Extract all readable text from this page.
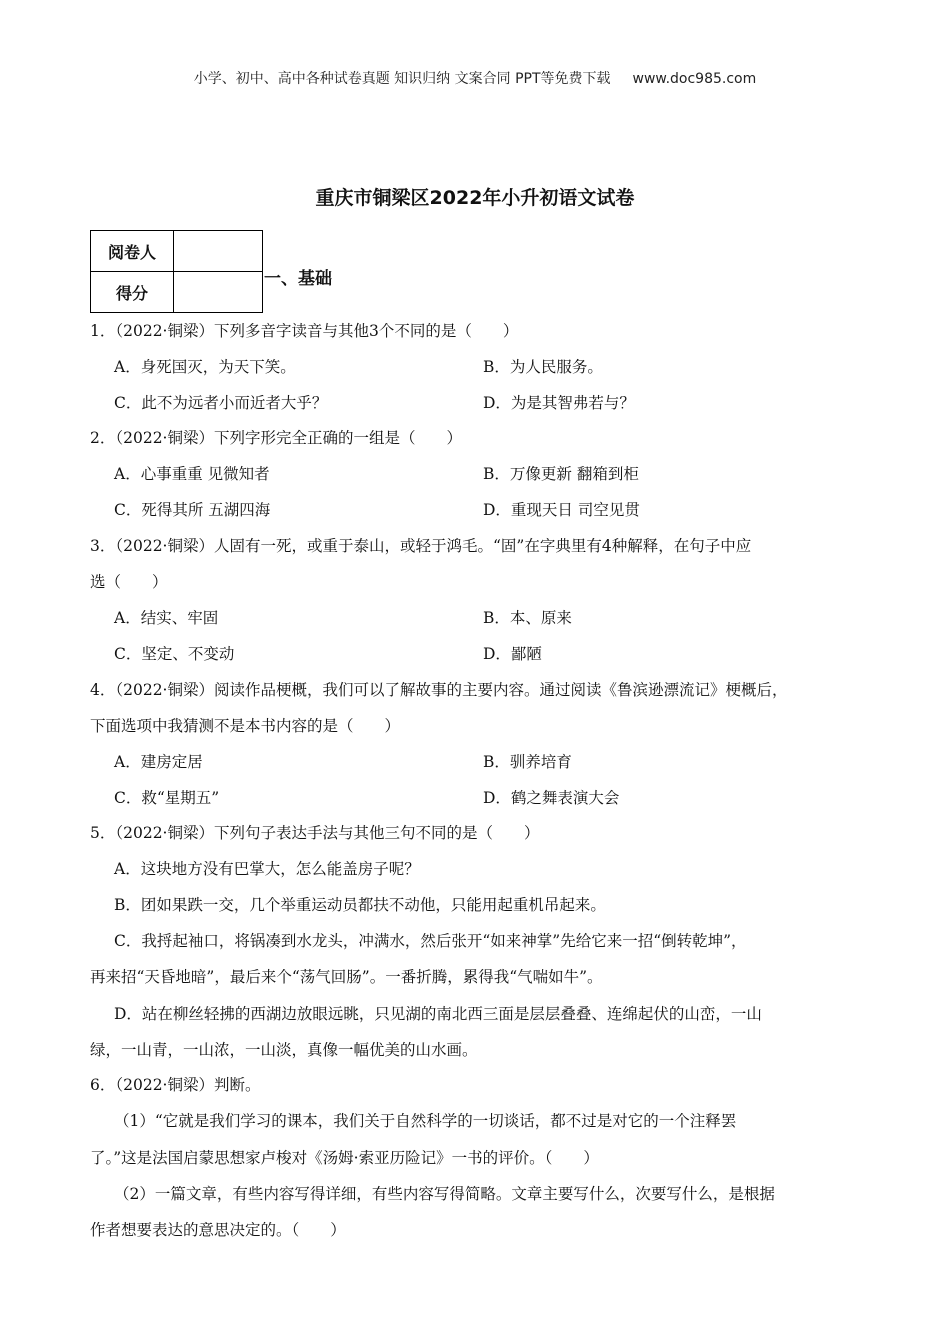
小学、初中、高中各种试卷真题 知识归纳 文案合同 PPT等免费下载 www.doc985.com
重庆市铜梁区2022年小升初语文试卷
阅卷人	
得分	
一、基础
1．（2022·铜梁）下列多音字读音与其他3个不同的是（　　）
A．身死国灭，为天下笑。	B．为人民服务。
C．此不为远者小而近者大乎？	D．为是其智弗若与？
2．（2022·铜梁）下列字形完全正确的一组是（　　）
A．心事重重 见微知者	B．万像更新 翻箱到柜
C．死得其所 五湖四海	D．重现天日 司空见贯
3．（2022·铜梁）人固有一死，或重于泰山，或轻于鸿毛。“固”在字典里有4种解释，在句子中应
选（　　）
A．结实、牢固	B．本、原来
C．坚定、不变动	D．鄙陋
4．（2022·铜梁）阅读作品梗概，我们可以了解故事的主要内容。通过阅读《鲁滨逊漂流记》梗概后，
下面选项中我猜测不是本书内容的是（　　）
A．建房定居	B．驯养培育
C．救“星期五”	D．鹤之舞表演大会
5．（2022·铜梁）下列句子表达手法与其他三句不同的是（　　）
A．这块地方没有巴掌大，怎么能盖房子呢？
B．团如果跌一交，几个举重运动员都扶不动他，只能用起重机吊起来。
C．我捋起袖口，将锅凑到水龙头，冲满水，然后张开“如来神掌”先给它来一招“倒转乾坤”，
再来招“天昏地暗”，最后来个“荡气回肠”。一番折腾，累得我“气喘如牛”。
D．站在柳丝轻拂的西湖边放眼远眺，只见湖的南北西三面是层层叠叠、连绵起伏的山峦，一山
绿，一山青，一山浓，一山淡，真像一幅优美的山水画。
6．（2022·铜梁）判断。
（1）“它就是我们学习的课本，我们关于自然科学的一切谈话，都不过是对它的一个注释罢
了。”这是法国启蒙思想家卢梭对《汤姆·索亚历险记》一书的评价。（　　）
（2）一篇文章，有些内容写得详细，有些内容写得简略。文章主要写什么，次要写什么，是根据
作者想要表达的意思决定的。（　　）
